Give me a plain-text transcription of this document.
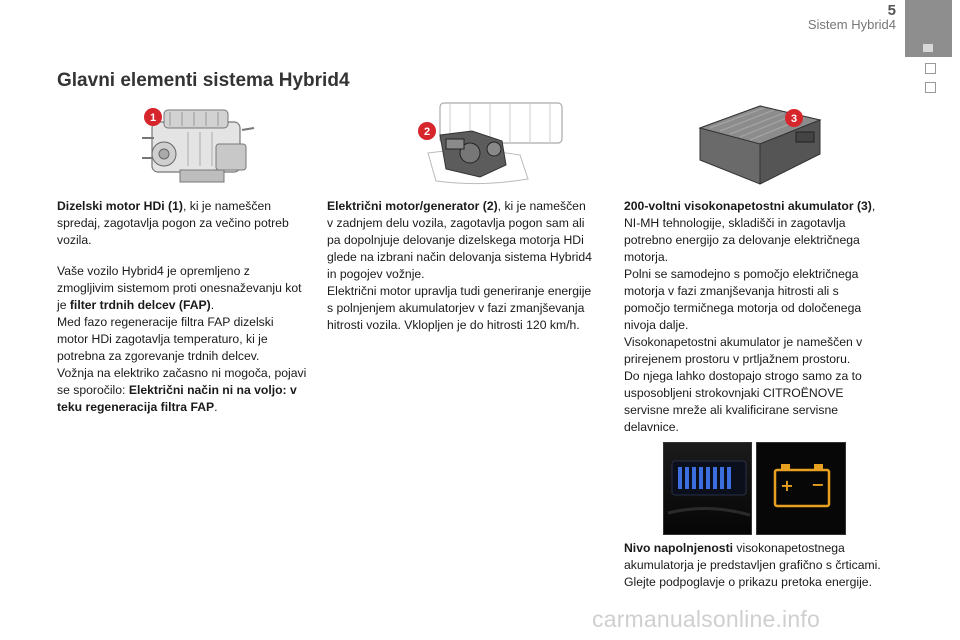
5
Sistem Hybrid4
Glavni elementi sistema Hybrid4
1
2
3

Dizelski motor HDi (1), ki je nameščen spredaj, zagotavlja pogon za večino potreb vozila.

Vaše vozilo Hybrid4 je opremljeno z zmogljivim sistemom proti onesnaževanju kot je filter trdnih delcev (FAP).
Med fazo regeneracije filtra FAP dizelski motor HDi zagotavlja temperaturo, ki je potrebna za zgorevanje trdnih delcev.
Vožnja na elektriko začasno ni mogoča, pojavi se sporočilo: Električni način ni na voljo: v teku regeneracija filtra FAP.

Električni motor/generator (2), ki je nameščen v zadnjem delu vozila, zagotavlja pogon sam ali pa dopolnjuje delovanje dizelskega motorja HDi glede na izbrani način delovanja sistema Hybrid4 in pogojev vožnje.
Električni motor upravlja tudi generiranje energije s polnjenjem akumulatorjev v fazi zmanjševanja hitrosti vozila. Vklopljen je do hitrosti 120 km/h.

200-voltni visokonapetostni akumulator (3), NI-MH tehnologije, skladišči in zagotavlja potrebno energijo za delovanje električnega motorja.
Polni se samodejno s pomočjo električnega motorja v fazi zmanjševanja hitrosti ali s pomočjo termičnega motorja od določenega nivoja dalje.
Visokonapetostni akumulator je nameščen v prirejenem prostoru v prtljažnem prostoru.
Do njega lahko dostopajo strogo samo za to usposobljeni strokovnjaki CITROËNOVE servisne mreže ali kvalificirane servisne delavnice.

+ −

Nivo napolnjenosti visokonapetostnega akumulatorja je predstavljen grafično s črticami.
Glejte podpoglavje o prikazu pretoka energije.

carmanualsonline.info
